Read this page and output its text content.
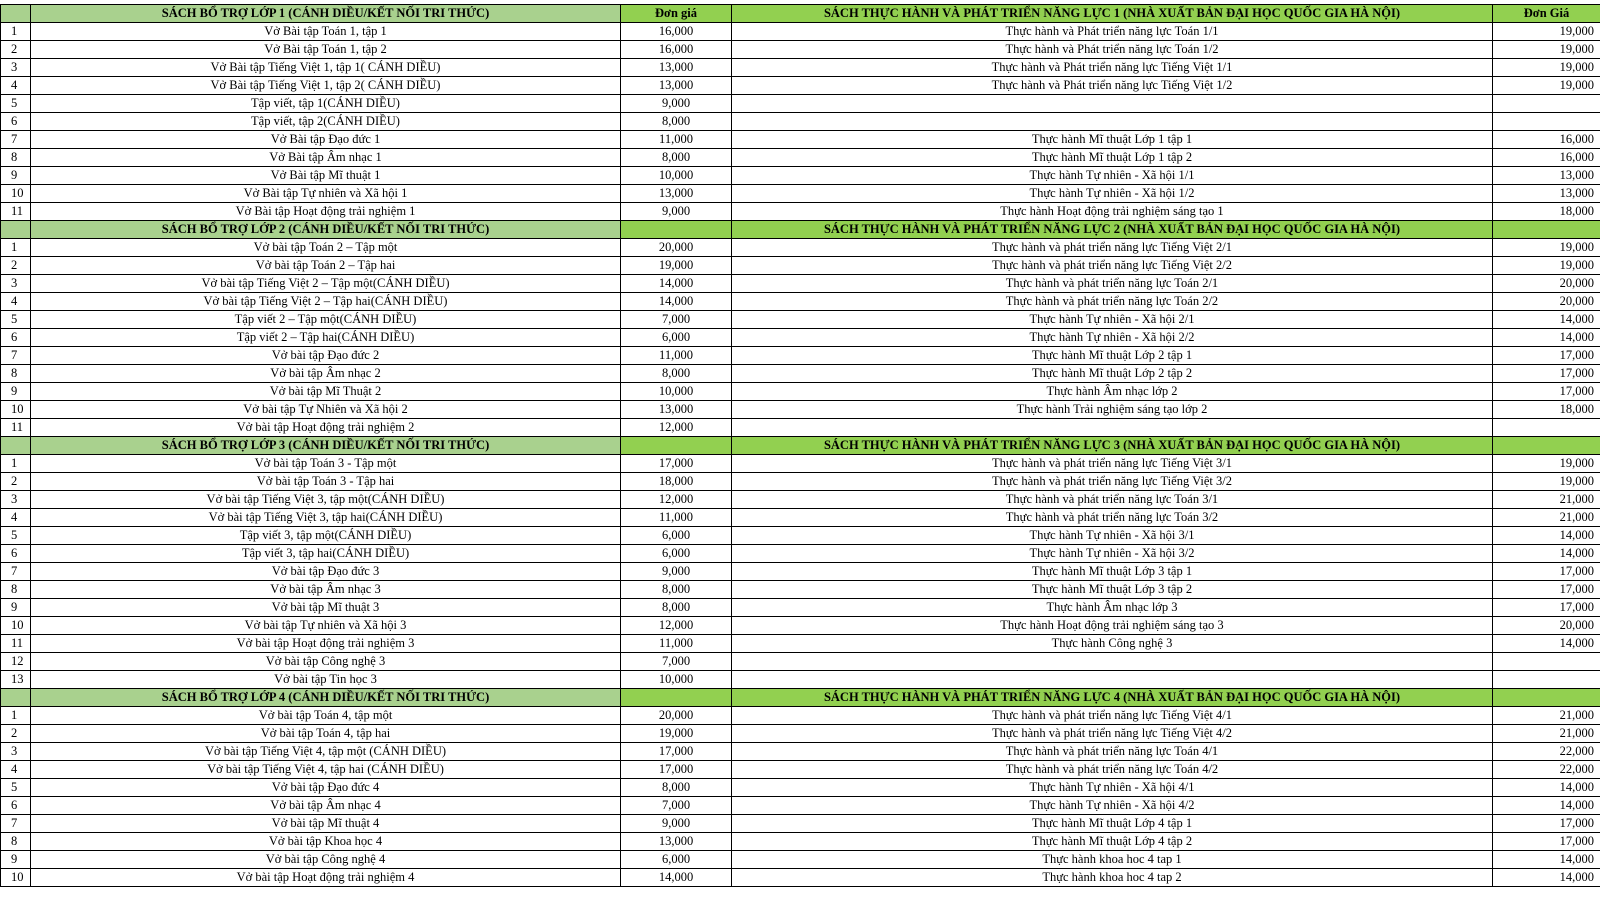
	SÁCH BỔ TRỢ LỚP 1 (CÁNH DIỀU/KẾT NỐI TRI THỨC)	Đơn giá	SÁCH THỰC HÀNH VÀ PHÁT TRIỂN NĂNG LỰC 1 (NHÀ XUẤT BẢN ĐẠI HỌC QUỐC GIA HÀ NỘI)	Đơn Giá
1	Vở Bài tập Toán 1, tập 1	16,000	Thực hành và Phát triển năng lực Toán 1/1	19,000
2	Vở Bài tập Toán 1, tập 2	16,000	Thực hành và Phát triển năng lực Toán 1/2	19,000
3	Vở Bài tập Tiếng Việt 1, tập 1( CÁNH DIỀU)	13,000	Thực hành và Phát triển năng lực Tiếng Việt 1/1	19,000
4	Vở Bài tập Tiếng Việt 1, tập 2( CÁNH DIỀU)	13,000	Thực hành và Phát triển năng lực Tiếng Việt 1/2	19,000
5	Tập viết, tập 1(CÁNH DIỀU)	9,000		
6	Tập viết, tập 2(CÁNH DIỀU)	8,000		
7	Vở Bài tập Đạo đức 1	11,000	Thực hành Mĩ thuật Lớp 1 tập 1	16,000
8	Vở Bài tập Âm nhạc 1	8,000	Thực hành Mĩ thuật Lớp 1 tập 2	16,000
9	Vở Bài tập Mĩ thuật 1	10,000	Thực hành Tự nhiên - Xã hội 1/1	13,000
10	Vở Bài tập Tự nhiên và Xã hội 1	13,000	Thực hành Tự nhiên - Xã hội 1/2	13,000
11	Vở Bài tập Hoạt động trải nghiệm 1	9,000	Thực hành Hoạt động trải nghiệm sáng tạo 1	18,000
	SÁCH BỔ TRỢ LỚP 2 (CÁNH DIỀU/KẾT NỐI TRI THỨC)		SÁCH THỰC HÀNH VÀ PHÁT TRIỂN NĂNG LỰC 2 (NHÀ XUẤT BẢN ĐẠI HỌC QUỐC GIA HÀ NỘI)	
1	Vở bài tập Toán 2 – Tập một	20,000	Thực hành và phát triển năng lực Tiếng Việt 2/1	19,000
2	Vở bài tập Toán 2 – Tập hai	19,000	Thực hành và phát triển năng lực Tiếng Việt 2/2	19,000
3	Vở bài tập Tiếng Việt 2 – Tập một(CÁNH DIỀU)	14,000	Thực hành và phát triển năng lực Toán 2/1	20,000
4	Vở bài tập Tiếng Việt 2 – Tập hai(CÁNH DIỀU)	14,000	Thực hành và phát triển năng lực Toán 2/2	20,000
5	Tập viết 2 – Tập một(CÁNH DIỀU)	7,000	Thực hành Tự nhiên - Xã hội 2/1	14,000
6	Tập viết 2 – Tập hai(CÁNH DIỀU)	6,000	Thực hành Tự nhiên - Xã hội 2/2	14,000
7	Vở bài tập Đạo đức 2	11,000	Thực hành Mĩ thuật Lớp 2 tập 1	17,000
8	Vở bài tập Âm nhạc 2	8,000	Thực hành Mĩ thuật Lớp 2 tập 2	17,000
9	Vở bài tập Mĩ Thuật 2	10,000	Thực hành Âm nhạc lớp 2	17,000
10	Vở bài tập Tự Nhiên và Xã hội 2	13,000	Thực hành Trải nghiệm sáng tạo lớp 2	18,000
11	Vở bài tập Hoạt động trải nghiệm 2	12,000		
	SÁCH BỔ TRỢ LỚP 3 (CÁNH DIỀU/KẾT NỐI TRI THỨC)		SÁCH THỰC HÀNH VÀ PHÁT TRIỂN NĂNG LỰC 3 (NHÀ XUẤT BẢN ĐẠI HỌC QUỐC GIA HÀ NỘI)	
1	Vở bài tập Toán 3 - Tập một	17,000	Thực hành và phát triển năng lực Tiếng Việt 3/1	19,000
2	Vở bài tập Toán 3 - Tập hai	18,000	Thực hành và phát triển năng lực Tiếng Việt 3/2	19,000
3	Vở bài tập Tiếng Việt 3, tập một(CÁNH DIỀU)	12,000	Thực hành và phát triển năng lực Toán 3/1	21,000
4	Vở bài tập Tiếng Việt 3, tập hai(CÁNH DIỀU)	11,000	Thực hành và phát triển năng lực Toán 3/2	21,000
5	Tập viết 3, tập một(CÁNH DIỀU)	6,000	Thực hành Tự nhiên - Xã hội 3/1	14,000
6	Tập viết 3, tập hai(CÁNH DIỀU)	6,000	Thực hành Tự nhiên - Xã hội 3/2	14,000
7	Vở bài tập Đạo đức 3	9,000	Thực hành Mĩ thuật Lớp 3 tập 1	17,000
8	Vở bài tập Âm nhạc 3	8,000	Thực hành Mĩ thuật Lớp 3 tập 2	17,000
9	Vở bài tập Mĩ thuật 3	8,000	Thực hành Âm nhạc lớp 3	17,000
10	Vở bài tập Tự nhiên và Xã hội 3	12,000	Thực hành Hoạt động trải nghiệm sáng tạo 3	20,000
11	Vở bài tập Hoạt động trải nghiệm 3	11,000	Thực hành Công nghệ 3	14,000
12	Vở bài tập Công nghệ 3	7,000		
13	Vở bài tập Tin học 3	10,000		
	SÁCH BỔ TRỢ LỚP 4 (CÁNH DIỀU/KẾT NỐI TRI THỨC)		SÁCH THỰC HÀNH VÀ PHÁT TRIỂN NĂNG LỰC 4 (NHÀ XUẤT BẢN ĐẠI HỌC QUỐC GIA HÀ NỘI)	
1	Vở bài tập Toán 4, tập một	20,000	Thực hành và phát triển năng lực Tiếng Việt 4/1	21,000
2	Vở bài tập Toán 4, tập hai	19,000	Thực hành và phát triển năng lực Tiếng Việt 4/2	21,000
3	Vở bài tập Tiếng Việt 4, tập một (CÁNH DIỀU)	17,000	Thực hành và phát triển năng lực Toán 4/1	22,000
4	Vở bài tập Tiếng Việt 4, tập hai (CÁNH DIỀU)	17,000	Thực hành và phát triển năng lực Toán 4/2	22,000
5	Vở bài tập Đạo đức 4	8,000	Thực hành Tự nhiên - Xã hội 4/1	14,000
6	Vở bài tập Âm nhạc 4	7,000	Thực hành Tự nhiên - Xã hội 4/2	14,000
7	Vở bài tập Mĩ thuật 4	9,000	Thực hành Mĩ thuật Lớp 4 tập 1	17,000
8	Vở bài tập Khoa học 4	13,000	Thực hành Mĩ thuật Lớp 4 tập 2	17,000
9	Vở bài tập Công nghệ 4	6,000	Thực hành khoa hoc 4 tap 1	14,000
10	Vở bài tập Hoạt động trải nghiệm 4	14,000	Thực hành khoa hoc 4 tap 2	14,000
